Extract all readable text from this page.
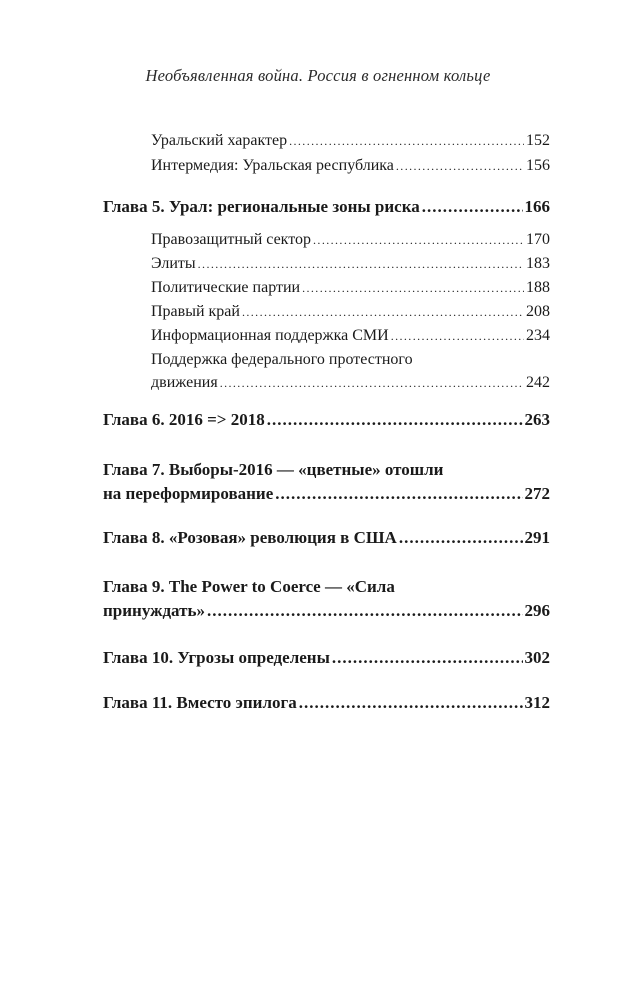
Необъявленная война. Россия в огненном кольце
Уральский характер .....	152
Интермедия: Уральская республика .....	156
Глава 5. Урал: региональные зоны риска .....	166
Правозащитный сектор .....	170
Элиты .....	183
Политические партии .....	188
Правый край .....	208
Информационная поддержка СМИ .....	234
Поддержка федерального протестного
движения .....	242
Глава 6. 2016 => 2018 .....	263
Глава 7. Выборы-2016 — «цветные» отошли
на переформирование .....	272
Глава 8. «Розовая» революция в США .....	291
Глава 9. The Power to Coerce — «Сила
принуждать» .....	296
Глава 10. Угрозы определены .....	302
Глава 11. Вместо эпилога .....	312
